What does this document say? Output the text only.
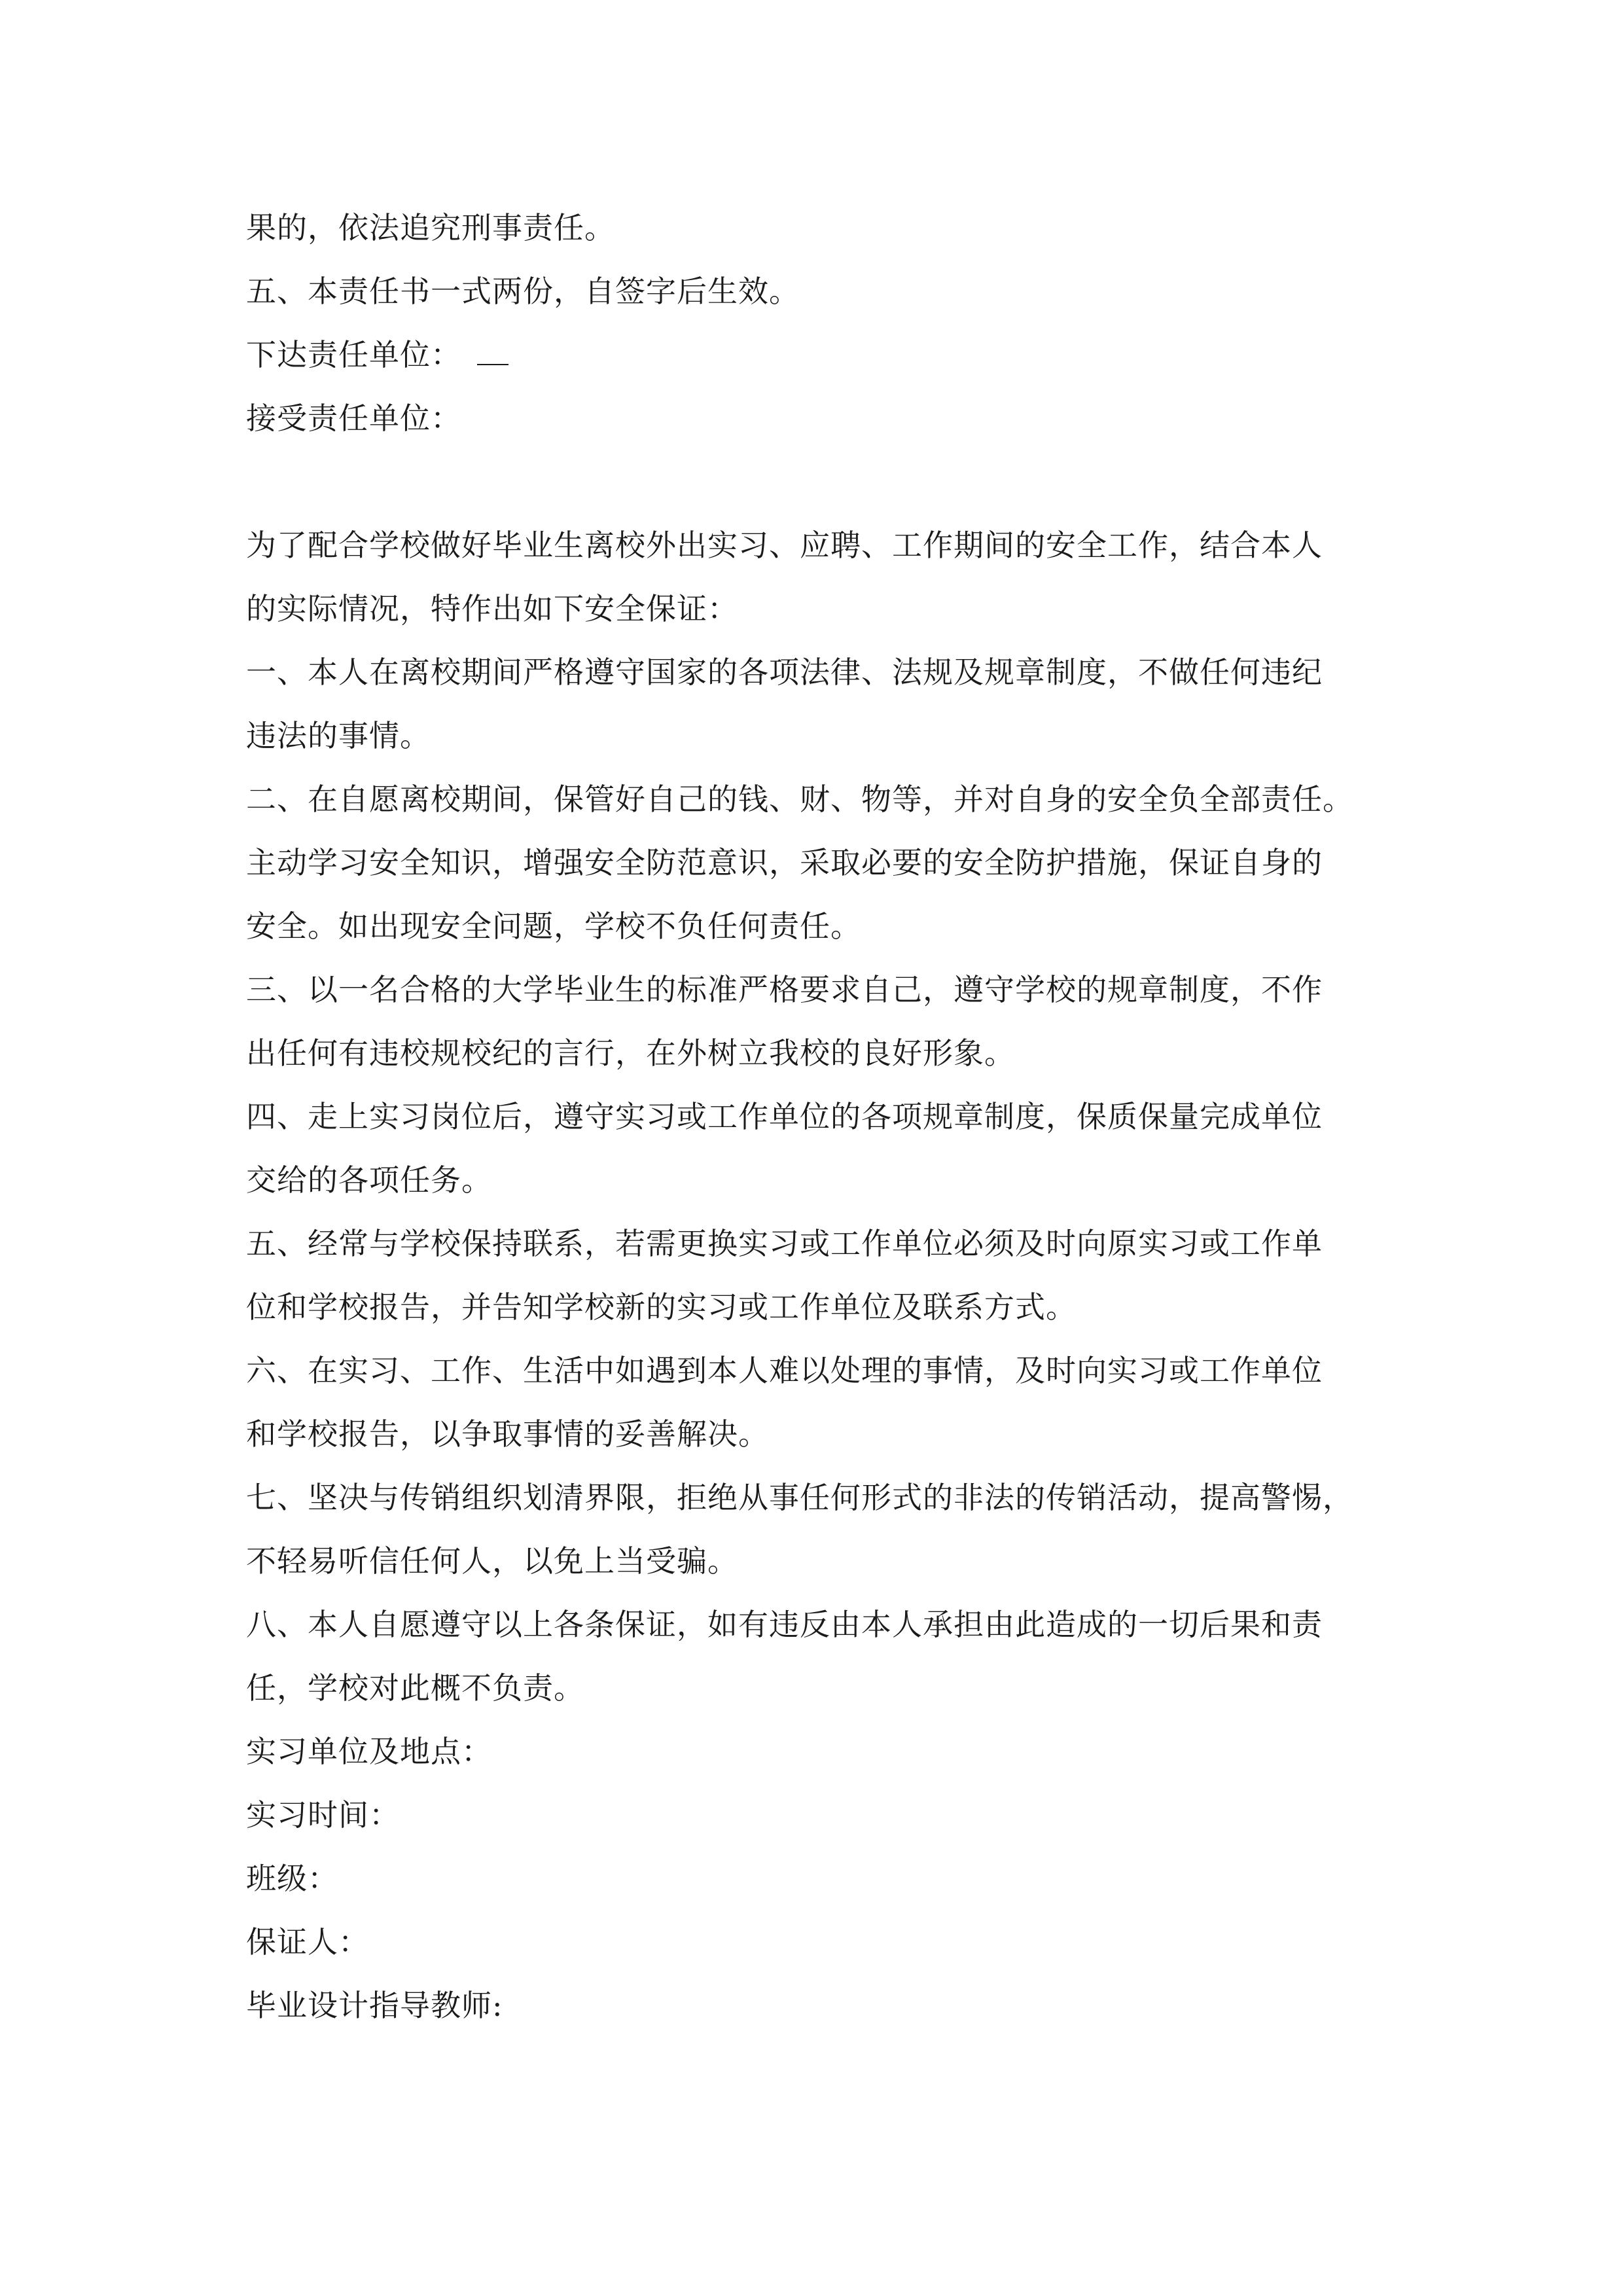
果的，依法追究刑事责任。
五、本责任书一式两份，自签字后生效。
下达责任单位：
接受责任单位：
为了配合学校做好毕业生离校外出实习、应聘、工作期间的安全工作，结合本人
的实际情况，特作出如下安全保证：
一、本人在离校期间严格遵守国家的各项法律、法规及规章制度，不做任何违纪
违法的事情。
二、在自愿离校期间，保管好自己的钱、财、物等，并对自身的安全负全部责任。
主动学习安全知识，增强安全防范意识，采取必要的安全防护措施，保证自身的
安全。如出现安全问题，学校不负任何责任。
三、以一名合格的大学毕业生的标准严格要求自己，遵守学校的规章制度，不作
出任何有违校规校纪的言行，在外树立我校的良好形象。
四、走上实习岗位后，遵守实习或工作单位的各项规章制度，保质保量完成单位
交给的各项任务。
五、经常与学校保持联系，若需更换实习或工作单位必须及时向原实习或工作单
位和学校报告，并告知学校新的实习或工作单位及联系方式。
六、在实习、工作、生活中如遇到本人难以处理的事情，及时向实习或工作单位
和学校报告，以争取事情的妥善解决。
七、坚决与传销组织划清界限，拒绝从事任何形式的非法的传销活动，提高警惕，
不轻易听信任何人，以免上当受骗。
八、本人自愿遵守以上各条保证，如有违反由本人承担由此造成的一切后果和责
任，学校对此概不负责。
实习单位及地点：
实习时间：
班级：
保证人：
毕业设计指导教师:
